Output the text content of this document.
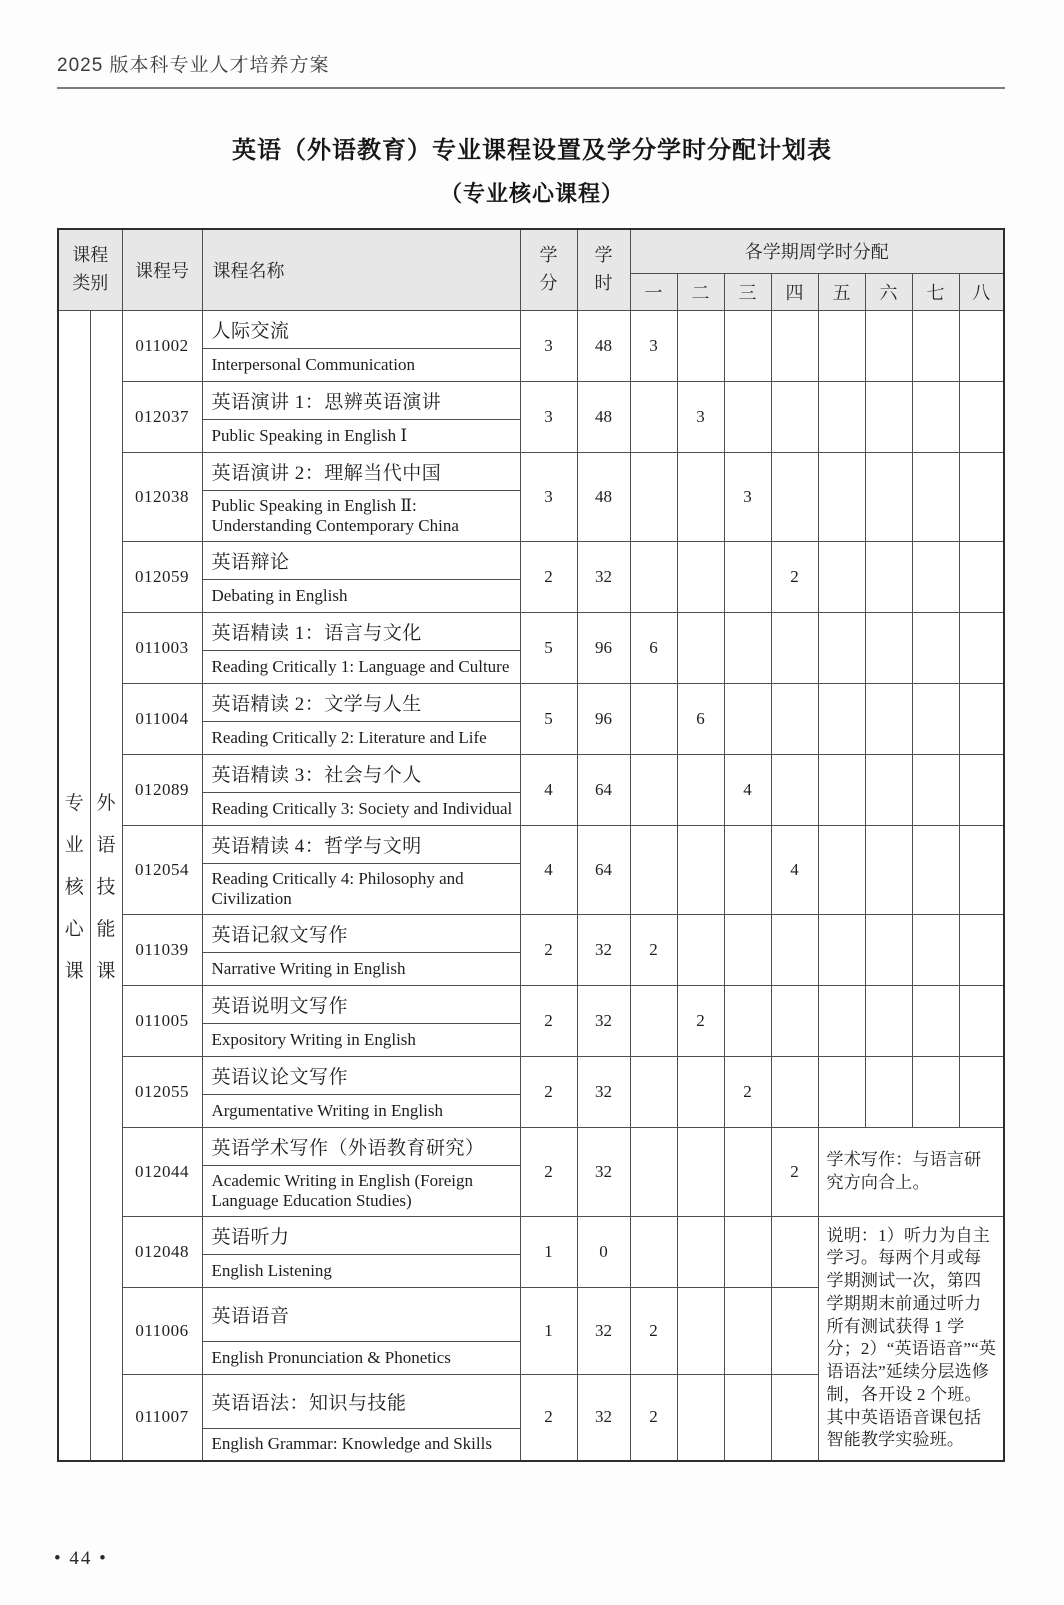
2025 版本科专业人才培养方案
英语（外语教育）专业课程设置及学分学时分配计划表
（专业核心课程）
课程类别		课程号	课程名称	学分	学时	各学期周学时分配							
						一	二	三	四	五	六	七	八

专
业
核
心
课

外
语
技
能
课
	011002	人际交流	3	48	3							
			Interpersonal Communication										
		012037	英语演讲 1：思辨英语演讲	3	48		3						
			Public Speaking in English Ⅰ										
		012038	英语演讲 2：理解当代中国	3	48			3					
			Public Speaking in English Ⅱ: Understanding Contemporary China										
		012059	英语辩论	2	32				2				
			Debating in English										
		011003	英语精读 1：语言与文化	5	96	6							
			Reading Critically 1: Language and Culture										
		011004	英语精读 2：文学与人生	5	96		6						
			Reading Critically 2: Literature and Life										
		012089	英语精读 3：社会与个人	4	64			4					
			Reading Critically 3: Society and Individual										
		012054	英语精读 4：哲学与文明	4	64				4				
			Reading Critically 4: Philosophy and Civilization										
		011039	英语记叙文写作	2	32	2							
			Narrative Writing in English										
		011005	英语说明文写作	2	32		2						
			Expository Writing in English										
		012055	英语议论文写作	2	32			2					
			Argumentative Writing in English										
		012044	英语学术写作（外语教育研究）	2	32				2	学术写作：与语言研究方向合上。			
			Academic Writing in English (Foreign Language Education Studies)										
		012048	英语听力	1	0					说明：1）听力为自主学习。每两个月或每学期测试一次，第四学期期末前通过听力所有测试获得 1 学分；2）“英语语音”“英语语法”延续分层选修制，各开设 2 个班。其中英语语音课包括智能教学实验班。			
			English Listening										
		011006	英语语音	1	32	2							
			English Pronunciation & Phonetics										
		011007	英语语法：知识与技能	2	32	2							
			English Grammar: Knowledge and Skills										
• 44 •
